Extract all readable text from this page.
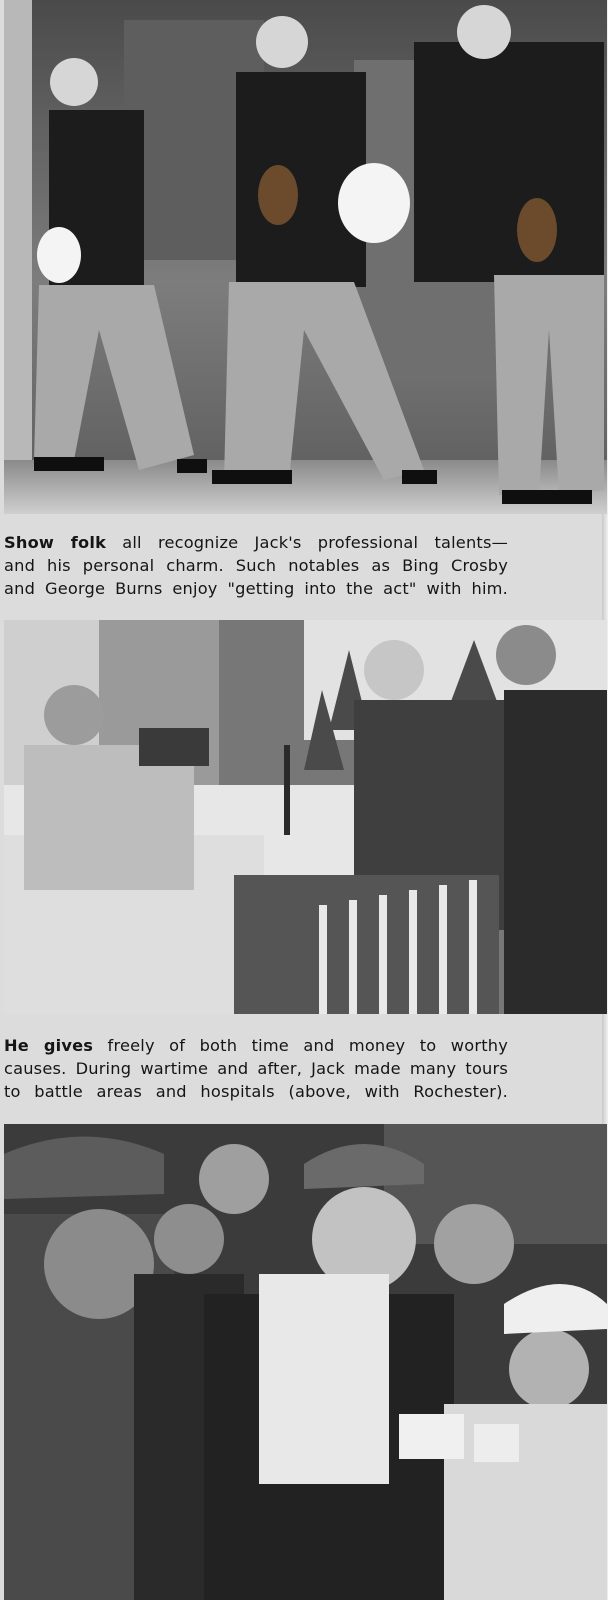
Show folk all recognize Jack's professional talents—
and his personal charm. Such notables as Bing Crosby
and George Burns enjoy "getting into the act" with him.
He gives freely of both time and money to worthy
causes. During wartime and after, Jack made many tours
to battle areas and hospitals (above, with Rochester).
